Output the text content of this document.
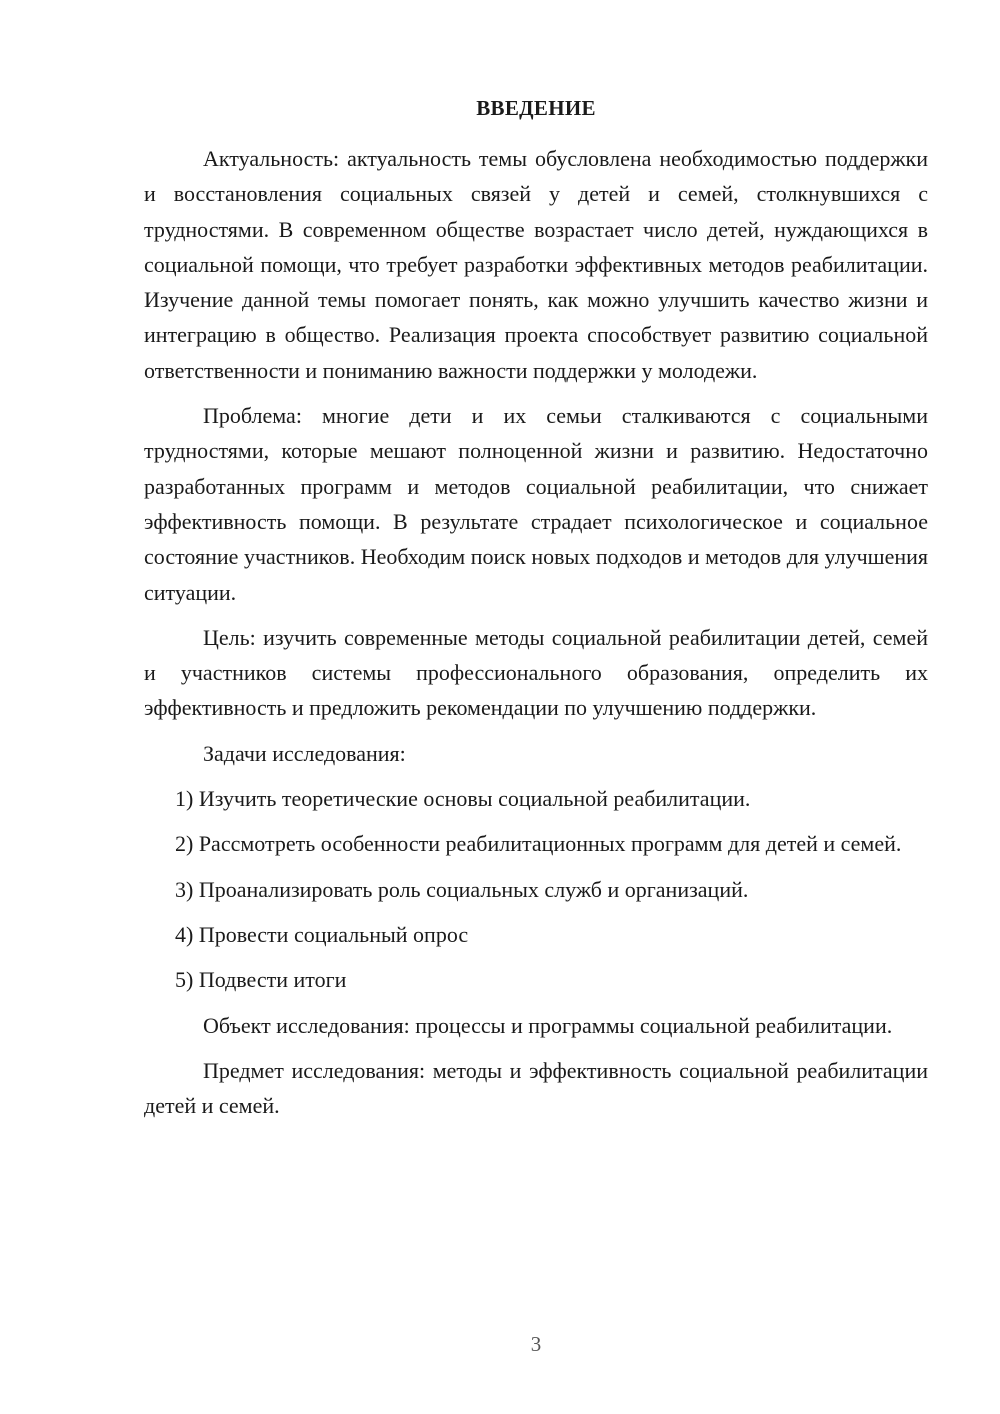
ВВЕДЕНИЕ

Актуальность: актуальность темы обусловлена необходимостью поддержки и восстановления социальных связей у детей и семей, столкнувшихся с трудностями. В современном обществе возрастает число детей, нуждающихся в социальной помощи, что требует разработки эффективных методов реабилитации. Изучение данной темы помогает понять, как можно улучшить качество жизни и интеграцию в общество. Реализация проекта способствует развитию социальной ответственности и пониманию важности поддержки у молодежи.

Проблема: многие дети и их семьи сталкиваются с социальными трудностями, которые мешают полноценной жизни и развитию. Недостаточно разработанных программ и методов социальной реабилитации, что снижает эффективность помощи. В результате страдает психологическое и социальное состояние участников. Необходим поиск новых подходов и методов для улучшения ситуации.

Цель: изучить современные методы социальной реабилитации детей, семей и участников системы профессионального образования, определить их эффективность и предложить рекомендации по улучшению поддержки.

Задачи исследования:

1) Изучить теоретические основы социальной реабилитации.

2) Рассмотреть особенности реабилитационных программ для детей и семей.

3) Проанализировать роль социальных служб и организаций.

4) Провести социальный опрос

5) Подвести итоги

Объект исследования: процессы и программы социальной реабилитации.

Предмет исследования: методы и эффективность социальной реабилитации детей и семей.

3
